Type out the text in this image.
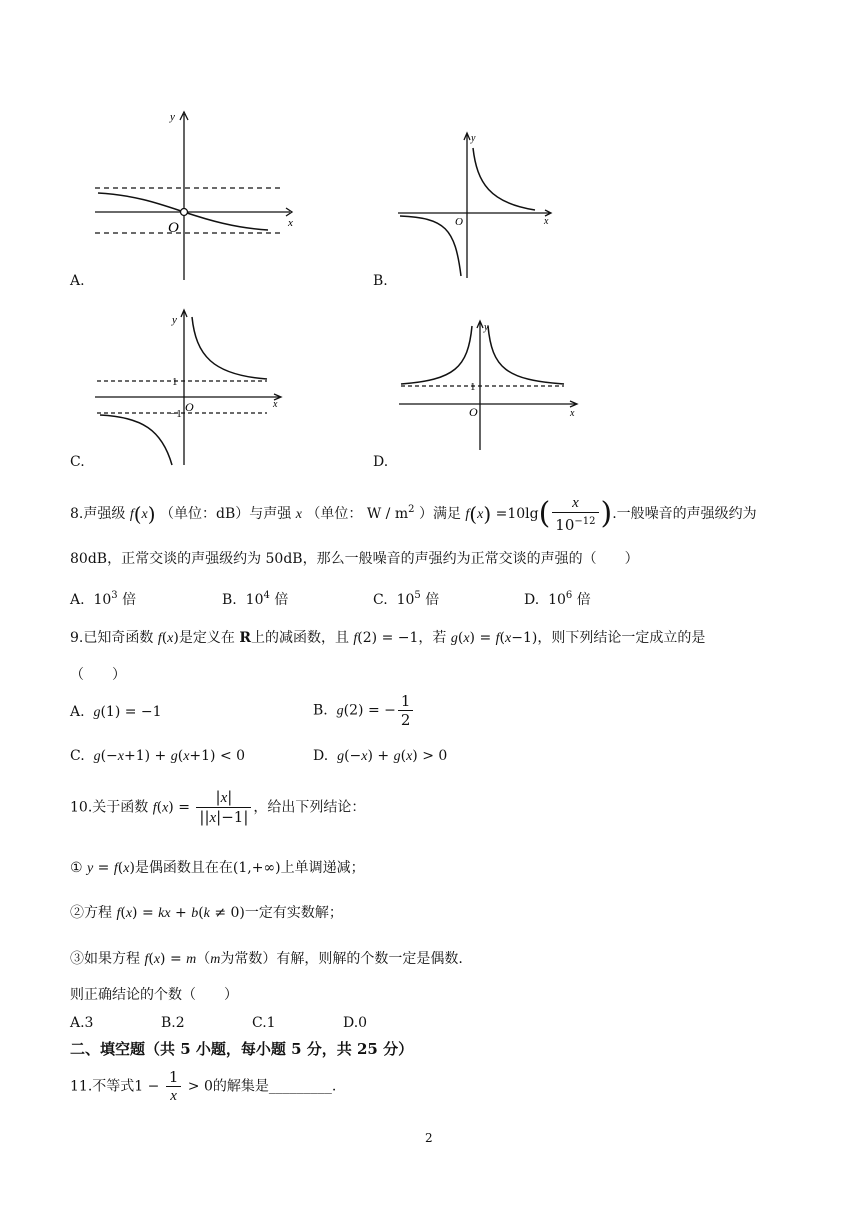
y
x
O
A.
y
x
O
B.
y
x
O
1
−1
C.
y
x
O
1
D.
8.声强级 f(x) （单位：dB）与声强 x （单位： W / $m^2$ ）满足 $f(x) =10\lg( \frac{x}{10^{-12}}$ ).一般噪音的声强级约为
80dB，正常交谈的声强级约为 50dB，那么一般噪音的声强约为正常交谈的声强的（　　）
A. $10^3$ 倍	B. $10^4$ 倍	C. $10^5$ 倍	D. $10^6$ 倍
9.已知奇函数 f(x)是定义在 R上的减函数，且 f(2) = −1，若 g(x) = f(x−1)，则下列结论一定成立的是
（　　）
A. g(1) = −1	B. g(2) = − $\frac{1}{2}$
C. g(−x+1) + g(x+1) < 0	D. g(−x) + g(x) > 0
10.关于函数 $f(x) = \frac{|x|}{||x|-1|}$ ，给出下列结论：
① y = f(x)是偶函数且在在(1,+∞)上单调递减；
②方程 f(x) = kx + b(k ≠ 0)一定有实数解；
③如果方程 f(x) = m（m为常数）有解，则解的个数一定是偶数.
则正确结论的个数（　　）
A.3	B.2	C.1	D.0
二、填空题（共 5 小题，每小题 5 分，共 25 分）
11.不等式$1 - \frac{1}{x} > 0$的解集是_________.
2
